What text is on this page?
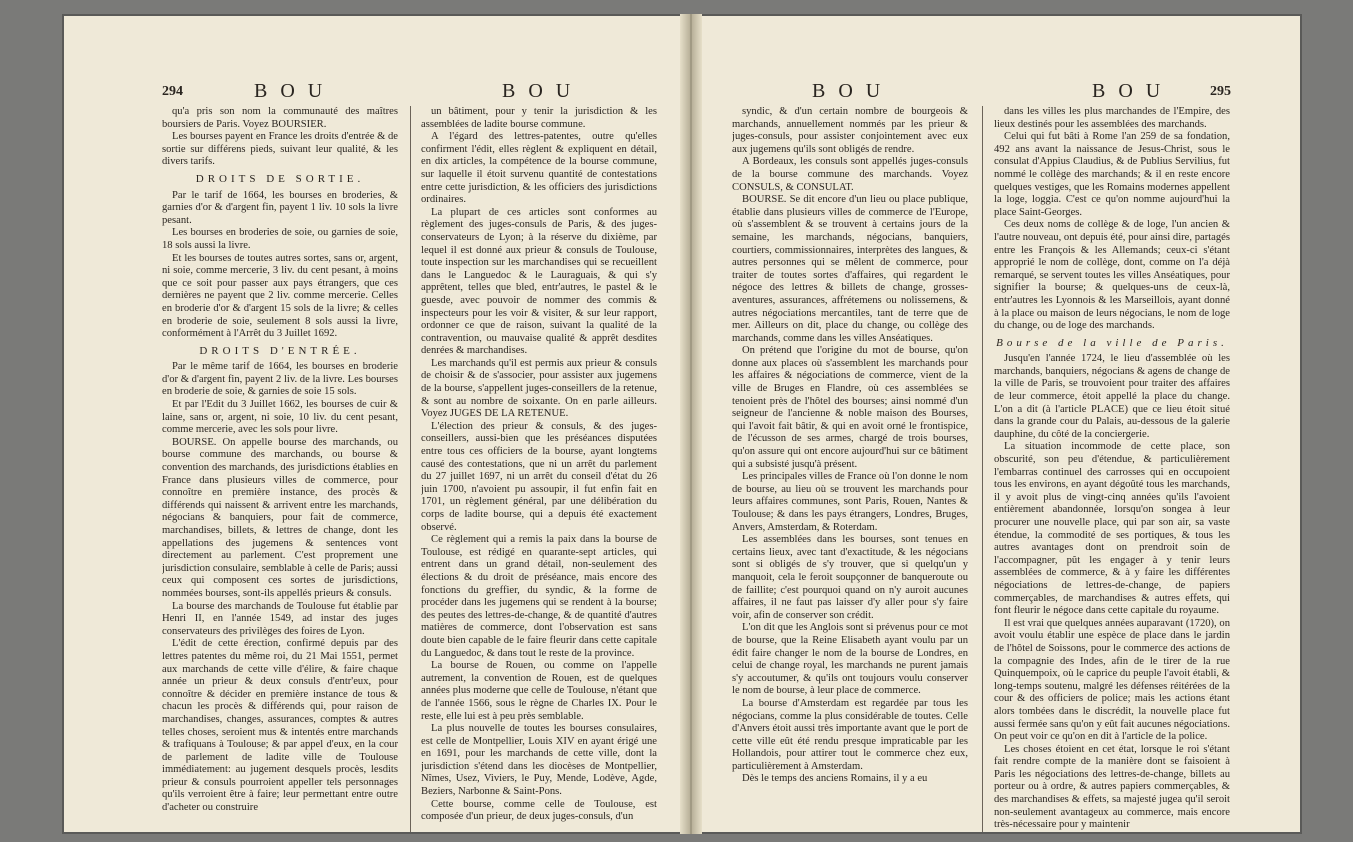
294	B O U	B O U

qu'a pris son nom la communauté des maîtres boursiers de Paris. Voyez BOURSIER.

Les bourses payent en France les droits d'entrée & de sortie sur différens pieds, suivant leur qualité, & les divers tarifs.

DROITS DE SORTIE.

Par le tarif de 1664, les bourses en broderies, & garnies d'or & d'argent fin, payent 1 liv. 10 sols la livre pesant.

Les bourses en broderies de soie, ou garnies de soie, 18 sols aussi la livre.

Et les bourses de toutes autres sortes, sans or, argent, ni soie, comme mercerie, 3 liv. du cent pesant, à moins que ce soit pour passer aux pays étrangers, que ces dernières ne payent que 2 liv. comme mercerie. Celles en broderie d'or & d'argent 15 sols de la livre; & celles en broderie de soie, seulement 8 sols aussi la livre, conformément à l'Arrêt du 3 Juillet 1692.

DROITS D'ENTRÉE.

Par le même tarif de 1664, les bourses en broderie d'or & d'argent fin, payent 2 liv. de la livre. Les bourses en broderie de soie, & garnies de soie 15 sols.

Et par l'Edit du 3 Juillet 1662, les bourses de cuir & laine, sans or, argent, ni soie, 10 liv. du cent pesant, comme mercerie, avec les sols pour livre.

BOURSE. On appelle bourse des marchands, ou bourse commune des marchands, ou bourse & convention des marchands, des jurisdictions établies en France dans plusieurs villes de commerce, pour connoître en première instance, des procès & différends qui naissent & arrivent entre les marchands, négocians & banquiers, pour fait de commerce, marchandises, billets, & lettres de change, dont les appellations des jugemens & sentences vont directement au parlement. C'est proprement une jurisdiction consulaire, semblable à celle de Paris; aussi ceux qui composent ces sortes de jurisdictions, nommées bourses, sont-ils appellés prieurs & consuls.

La bourse des marchands de Toulouse fut établie par Henri II, en l'année 1549, ad instar des juges conservateurs des privilèges des foires de Lyon.

L'édit de cette érection, confirmé depuis par des lettres patentes du même roi, du 21 Mai 1551, permet aux marchands de cette ville d'élire, & faire chaque année un prieur & deux consuls d'entr'eux, pour connoître & décider en première instance de tous & chacun les procès & différends qui, pour raison de marchandises, changes, assurances, comptes & autres telles choses, seroient mus & intentés entre marchands & trafiquans à Toulouse; & par appel d'eux, en la cour de parlement de ladite ville de Toulouse immédiatement: au jugement desquels procès, lesdits prieur & consuls pourroient appeller tels personnages qu'ils verroient être à faire; leur permettant entre outre d'acheter ou construire

un bâtiment, pour y tenir la jurisdiction & les assemblées de ladite bourse commune.

A l'égard des lettres-patentes, outre qu'elles confirment l'édit, elles règlent & expliquent en détail, en dix articles, la compétence de la bourse commune, sur laquelle il étoit survenu quantité de contestations entre cette jurisdiction, & les officiers des jurisdictions ordinaires.

La plupart de ces articles sont conformes au règlement des juges-consuls de Paris, & des juges-conservateurs de Lyon; à la réserve du dixième, par lequel il est donné aux prieur & consuls de Toulouse, toute inspection sur les marchandises qui se recueillent dans le Languedoc & le Lauraguais, & qui s'y apprêtent, telles que bled, entr'autres, le pastel & le guesde, avec pouvoir de nommer des commis & inspecteurs pour les voir & visiter, & sur leur rapport, ordonner ce que de raison, suivant la qualité de la contravention, ou mauvaise qualité & apprêt desdites denrées & marchandises.

Les marchands qu'il est permis aux prieur & consuls de choisir & de s'associer, pour assister aux jugemens de la bourse, s'appellent juges-conseillers de la retenue, & sont au nombre de soixante. On en parle ailleurs. Voyez JUGES DE LA RETENUE.

L'élection des prieur & consuls, & des juges-conseillers, aussi-bien que les préséances disputées entre tous ces officiers de la bourse, ayant longtems causé des contestations, que ni un arrêt du parlement du 27 juillet 1697, ni un arrêt du conseil d'état du 26 juin 1700, n'avoient pu assoupir, il fut enfin fait en 1701, un règlement général, par une délibération du corps de ladite bourse, qui a depuis été exactement observé.

Ce règlement qui a remis la paix dans la bourse de Toulouse, est rédigé en quarante-sept articles, qui entrent dans un grand détail, non-seulement des élections & du droit de préséance, mais encore des fonctions du greffier, du syndic, & la forme de procéder dans les jugemens qui se rendent à la bourse; des peutes des lettres-de-change, & de quantité d'autres matières de commerce, dont l'observation est sans doute bien capable de le faire fleurir dans cette capitale du Languedoc, & dans tout le reste de la province.

La bourse de Rouen, ou comme on l'appelle autrement, la convention de Rouen, est de quelques années plus moderne que celle de Toulouse, n'étant que de l'année 1566, sous le règne de Charles IX. Pour le reste, elle lui est à peu près semblable.

La plus nouvelle de toutes les bourses consulaires, est celle de Montpellier, Louis XIV en ayant érigé une en 1691, pour les marchands de cette ville, dont la jurisdiction s'étend dans les diocèses de Montpellier, Nîmes, Usez, Viviers, le Puy, Mende, Lodève, Agde, Beziers, Narbonne & Saint-Pons.

Cette bourse, comme celle de Toulouse, est composée d'un prieur, de deux juges-consuls, d'un

B O U	B O U	295

syndic, & d'un certain nombre de bourgeois & marchands, annuellement nommés par les prieur & juges-consuls, pour assister conjointement avec eux aux jugemens qu'ils sont obligés de rendre.

A Bordeaux, les consuls sont appellés juges-consuls de la bourse commune des marchands. Voyez CONSULS, & CONSULAT.

BOURSE. Se dit encore d'un lieu ou place publique, établie dans plusieurs villes de commerce de l'Europe, où s'assemblent & se trouvent à certains jours de la semaine, les marchands, négocians, banquiers, courtiers, commissionnaires, interprètes des langues, & autres personnes qui se mêlent de commerce, pour traiter de toutes sortes d'affaires, qui regardent le négoce des lettres & billets de change, grosses-aventures, assurances, affrétemens ou nolissemens, & autres négociations mercantiles, tant de terre que de mer. Ailleurs on dit, place du change, ou collège des marchands, comme dans les villes Anséatiques.

On prétend que l'origine du mot de bourse, qu'on donne aux places où s'assemblent les marchands pour les affaires & négociations de commerce, vient de la ville de Bruges en Flandre, où ces assemblées se tenoient près de l'hôtel des bourses; ainsi nommé d'un seigneur de l'ancienne & noble maison des Bourses, qui l'avoit fait bâtir, & qui en avoit orné le frontispice, de l'écusson de ses armes, chargé de trois bourses, qu'on assure qui ont encore aujourd'hui sur ce bâtiment qui a subsisté jusqu'à présent.

Les principales villes de France où l'on donne le nom de bourse, au lieu où se trouvent les marchands pour leurs affaires communes, sont Paris, Rouen, Nantes & Toulouse; & dans les pays étrangers, Londres, Bruges, Anvers, Amsterdam, & Roterdam.

Les assemblées dans les bourses, sont tenues en certains lieux, avec tant d'exactitude, & les négocians sont si obligés de s'y trouver, que si quelqu'un y manquoit, cela le feroit soupçonner de banqueroute ou de faillite; c'est pourquoi quand on n'y auroit aucunes affaires, il ne faut pas laisser d'y aller pour s'y faire voir, afin de conserver son crédit.

L'on dit que les Anglois sont si prévenus pour ce mot de bourse, que la Reine Elisabeth ayant voulu par un édit faire changer le nom de la bourse de Londres, en celui de change royal, les marchands ne purent jamais s'y accoutumer, & qu'ils ont toujours voulu conserver le nom de bourse, à leur place de commerce.

La bourse d'Amsterdam est regardée par tous les négocians, comme la plus considérable de toutes. Celle d'Anvers étoit aussi très importante avant que le port de cette ville eût été rendu presque impraticable par les Hollandois, pour attirer tout le commerce chez eux, particulièrement à Amsterdam.

Dès le temps des anciens Romains, il y a eu

dans les villes les plus marchandes de l'Empire, des lieux destinés pour les assemblées des marchands.

Celui qui fut bâti à Rome l'an 259 de sa fondation, 492 ans avant la naissance de Jesus-Christ, sous le consulat d'Appius Claudius, & de Publius Servilius, fut nommé le collège des marchands; & il en reste encore quelques vestiges, que les Romains modernes appellent la loge, loggia. C'est ce qu'on nomme aujourd'hui la place Saint-Georges.

Ces deux noms de collège & de loge, l'un ancien & l'autre nouveau, ont depuis été, pour ainsi dire, partagés entre les François & les Allemands; ceux-ci s'étant approprié le nom de collège, dont, comme on l'a déjà remarqué, se servent toutes les villes Anséatiques, pour signifier la bourse; & quelques-uns de ceux-là, entr'autres les Lyonnois & les Marseillois, ayant donné à la place ou maison de leurs négocians, le nom de loge du change, ou de loge des marchands.

Bourse de la ville de Paris.

Jusqu'en l'année 1724, le lieu d'assemblée où les marchands, banquiers, négocians & agens de change de la ville de Paris, se trouvoient pour traiter des affaires de leur commerce, étoit appellé la place du change. L'on a dit (à l'article PLACE) que ce lieu étoit situé dans la grande cour du Palais, au-dessous de la galerie dauphine, du côté de la conciergerie.

La situation incommode de cette place, son obscurité, son peu d'étendue, & particulièrement l'embarras continuel des carrosses qui en occupoient tous les environs, en ayant dégoûté tous les marchands, il y avoit plus de vingt-cinq années qu'ils l'avoient entièrement abandonnée, lorsqu'on songea à leur procurer une nouvelle place, qui par son air, sa vaste étendue, la commodité de ses portiques, & tous les autres avantages dont on prendroit soin de l'accompagner, pût les engager à y tenir leurs assemblées de commerce, & à y faire les différentes négociations de lettres-de-change, de papiers commerçables, de marchandises & autres effets, qui font fleurir le négoce dans cette capitale du royaume.

Il est vrai que quelques années auparavant (1720), on avoit voulu établir une espèce de place dans le jardin de l'hôtel de Soissons, pour le commerce des actions de la compagnie des Indes, afin de le tirer de la rue Quinquempoix, où le caprice du peuple l'avoit établi, & long-temps soutenu, malgré les défenses réitérées de la cour & des officiers de police; mais les actions étant alors tombées dans le discrédit, la nouvelle place fut aussi fermée sans qu'on y eût fait aucunes négociations. On peut voir ce qu'on en dit à l'article de la police.

Les choses étoient en cet état, lorsque le roi s'étant fait rendre compte de la manière dont se faisoient à Paris les négociations des lettres-de-change, billets au porteur ou à ordre, & autres papiers commerçables, & des marchandises & effets, sa majesté jugea qu'il seroit non-seulement avantageux au commerce, mais encore très-nécessaire pour y maintenir
